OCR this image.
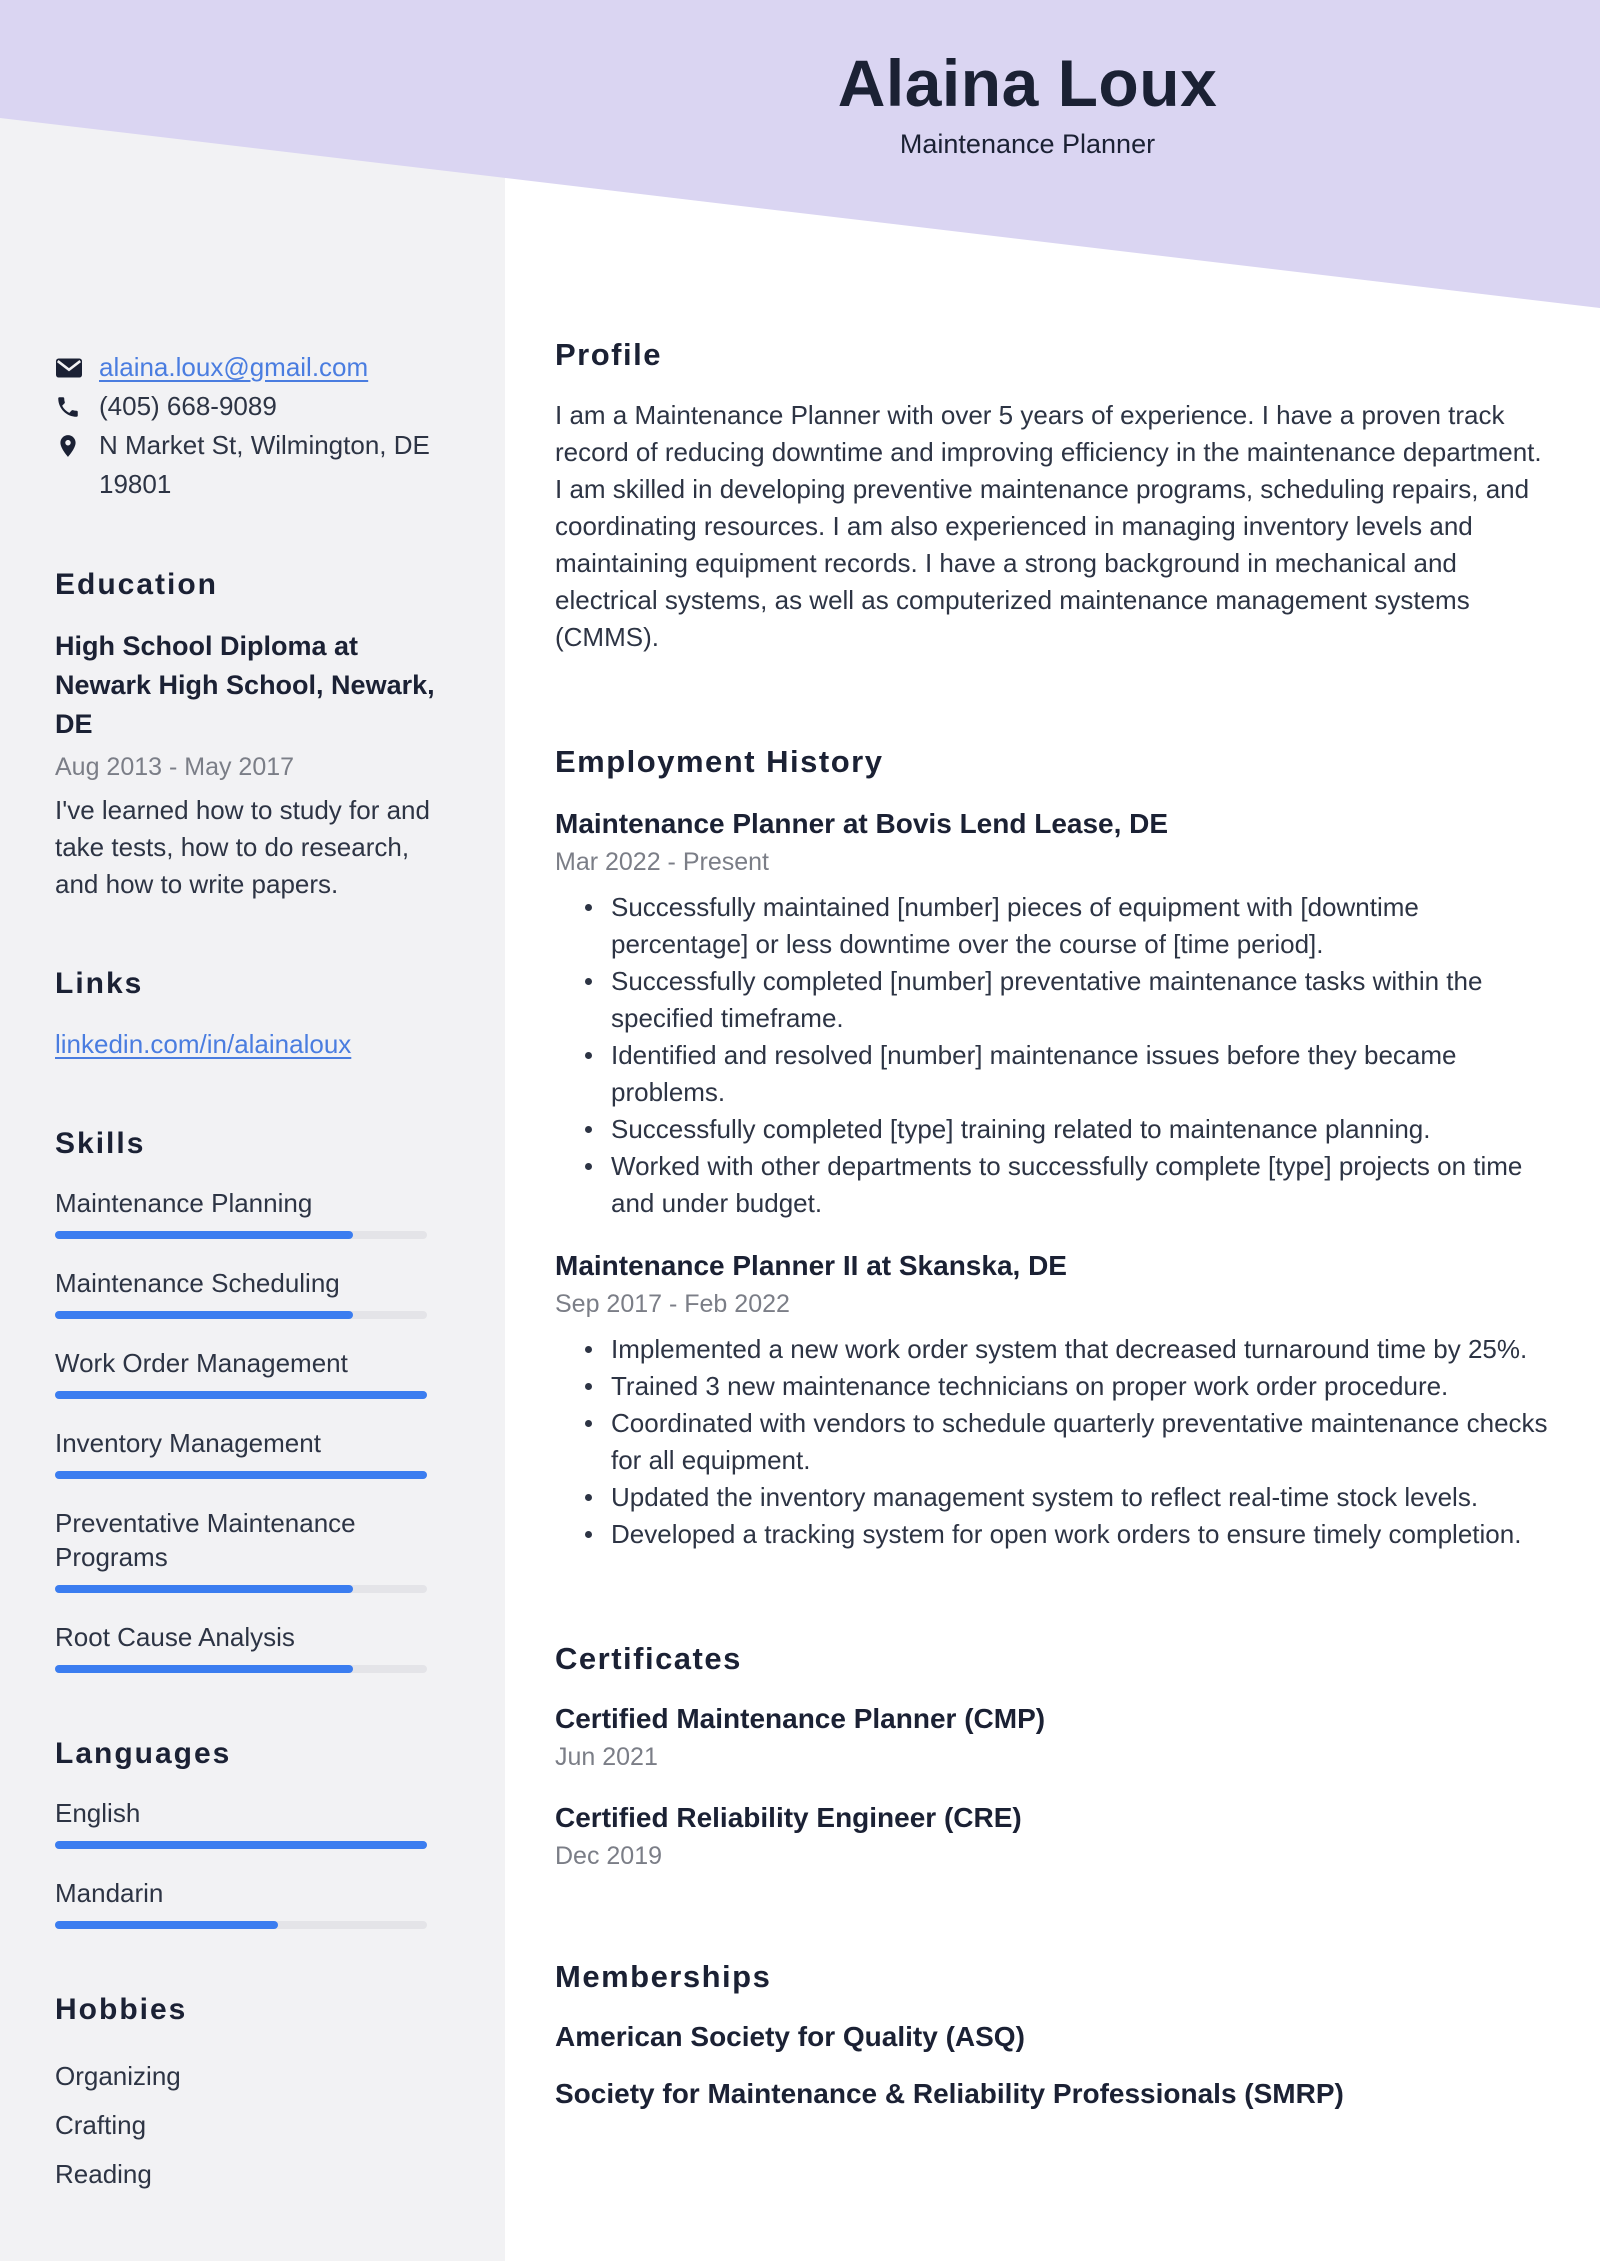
Alaina Loux
Maintenance Planner
alaina.loux@gmail.com
(405) 668-9089
N Market St, Wilmington, DE 19801
Education
High School Diploma at Newark High School, Newark, DE
Aug 2013 - May 2017
I've learned how to study for and take tests, how to do research, and how to write papers.
Links
linkedin.com/in/alainaloux
Skills
Maintenance Planning
Maintenance Scheduling
Work Order Management
Inventory Management
Preventative Maintenance Programs
Root Cause Analysis
Languages
English
Mandarin
Hobbies
Organizing
Crafting
Reading
Profile
I am a Maintenance Planner with over 5 years of experience. I have a proven track record of reducing downtime and improving efficiency in the maintenance department. I am skilled in developing preventive maintenance programs, scheduling repairs, and coordinating resources. I am also experienced in managing inventory levels and maintaining equipment records. I have a strong background in mechanical and electrical systems, as well as computerized maintenance management systems (CMMS).
Employment History
Maintenance Planner at Bovis Lend Lease, DE
Mar 2022 - Present
Successfully maintained [number] pieces of equipment with [downtime percentage] or less downtime over the course of [time period].
Successfully completed [number] preventative maintenance tasks within the specified timeframe.
Identified and resolved [number] maintenance issues before they became problems.
Successfully completed [type] training related to maintenance planning.
Worked with other departments to successfully complete [type] projects on time and under budget.
Maintenance Planner II at Skanska, DE
Sep 2017 - Feb 2022
Implemented a new work order system that decreased turnaround time by 25%.
Trained 3 new maintenance technicians on proper work order procedure.
Coordinated with vendors to schedule quarterly preventative maintenance checks for all equipment.
Updated the inventory management system to reflect real-time stock levels.
Developed a tracking system for open work orders to ensure timely completion.
Certificates
Certified Maintenance Planner (CMP)
Jun 2021
Certified Reliability Engineer (CRE)
Dec 2019
Memberships
American Society for Quality (ASQ)
Society for Maintenance & Reliability Professionals (SMRP)
